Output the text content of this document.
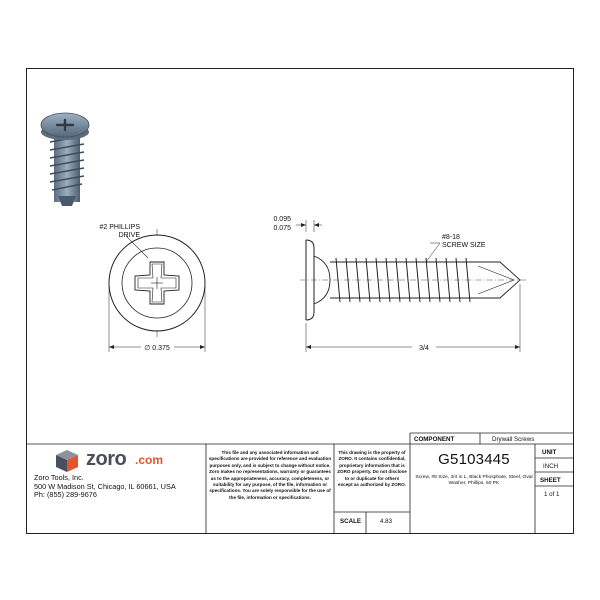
#2 PHILLIPS
DRIVE
∅ 0.375
0.095
0.075
#8-18
SCREW SIZE
3/4
zoro .com
Zoro Tools, Inc.
500 W Madison St, Chicago, IL 60661, USA
Ph: (855) 289-9676
This file and any associated information and specifications are provided for reference and evaluation purposes only, and is subject to change without notice. Zoro makes no representations, warranty or guarantees as to the appropriateness, accuracy, completeness, or suitability for any purpose, of the file, information or specifications. You are solely responsible for the use of the file, information or specifications.
This drawing is the property of ZORO. It contains confidential, proprietary information that is ZORO property. Do not disclose to or duplicate for others except as authorized by ZORO.
SCALE	4.83
COMPONENT	Drywall Screws
G5103445
Screw, #8 Size, 3/4 in L, Black Phosphate, Steel, Oval Washer, Phillips, 50 PK
UNIT
INCH
SHEET
1 of 1
